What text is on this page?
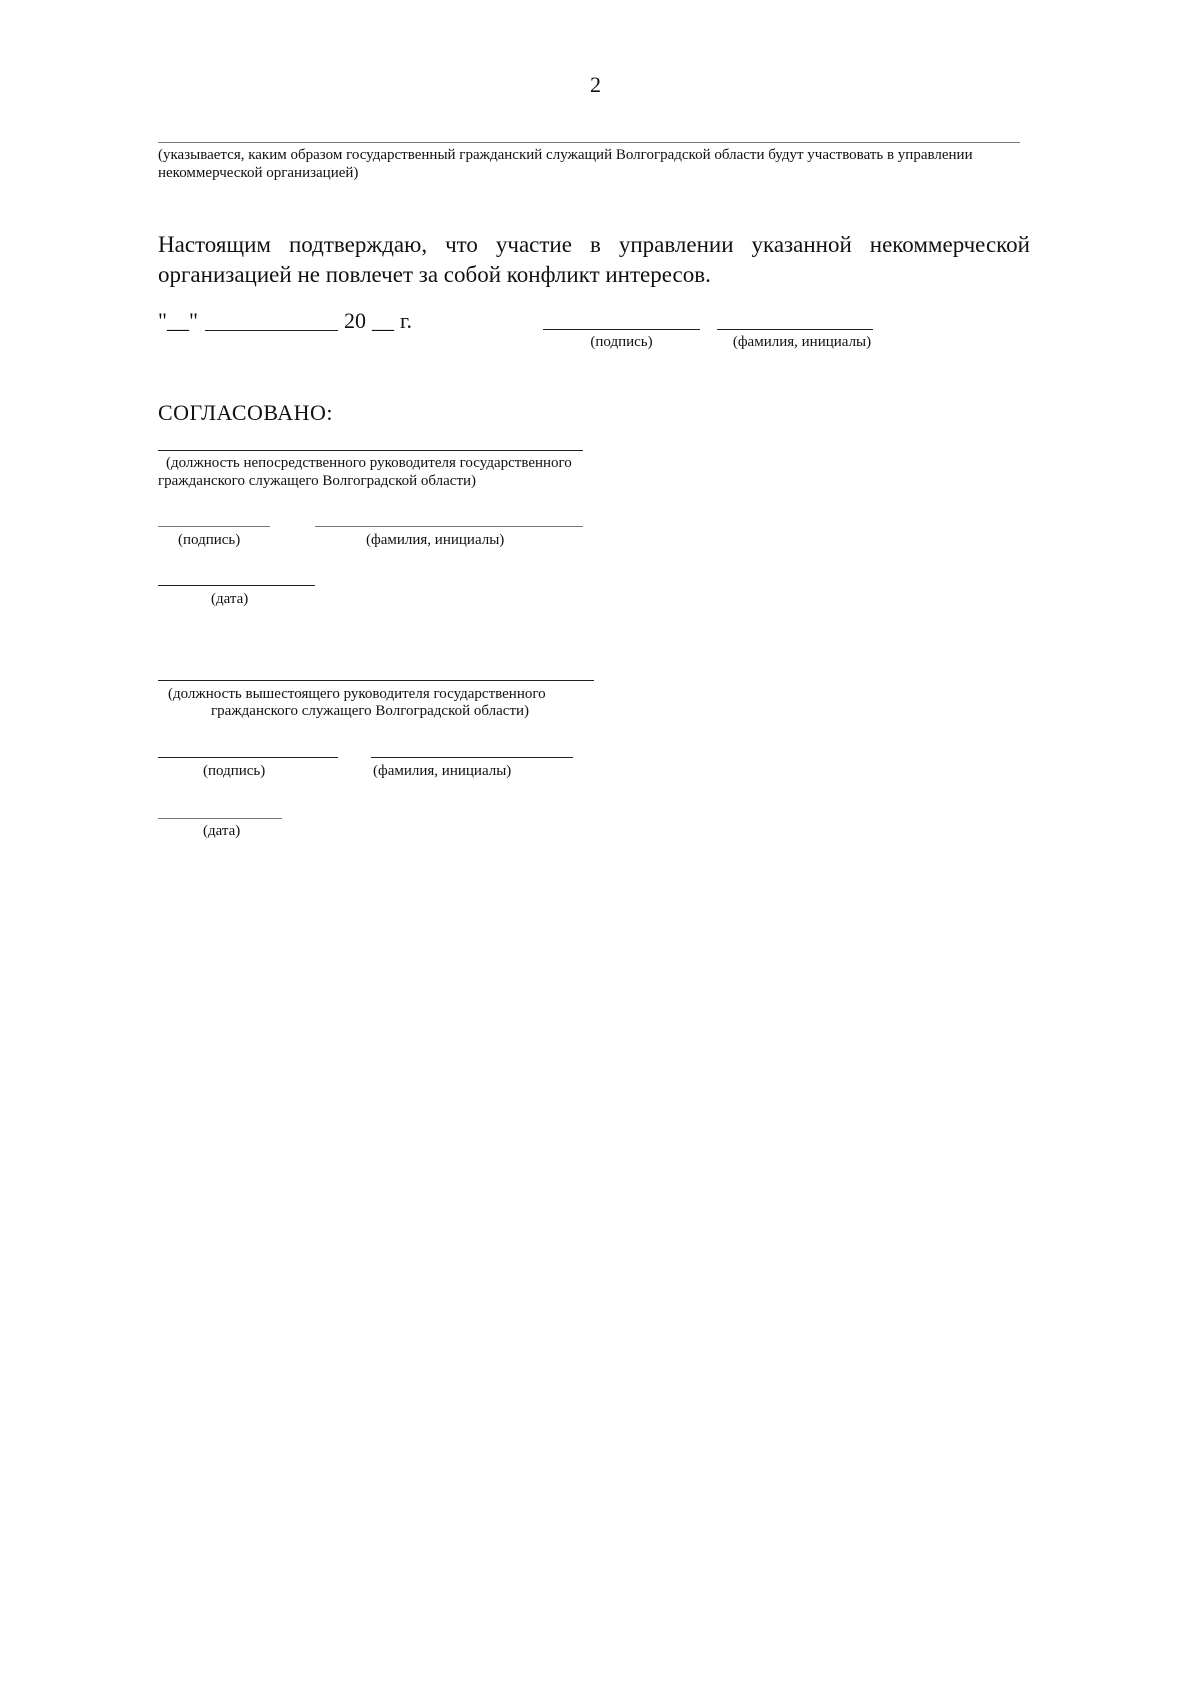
2
(указывается, каким образом государственный гражданский служащий Волгоградской области будут участвовать в управлении
некоммерческой организацией)
Настоящим подтверждаю, что участие в управлении указанной некоммерческой организацией не повлечет за собой конфликт интересов.
"__"	20 __ г.
(подпись)	(фамилия, инициалы)
СОГЛАСОВАНО:
(должность непосредственного руководителя государственного
гражданского служащего Волгоградской области)
(подпись)	(фамилия, инициалы)
(дата)
(должность вышестоящего руководителя государственного
гражданского служащего Волгоградской области)
(подпись)	(фамилия, инициалы)
(дата)
